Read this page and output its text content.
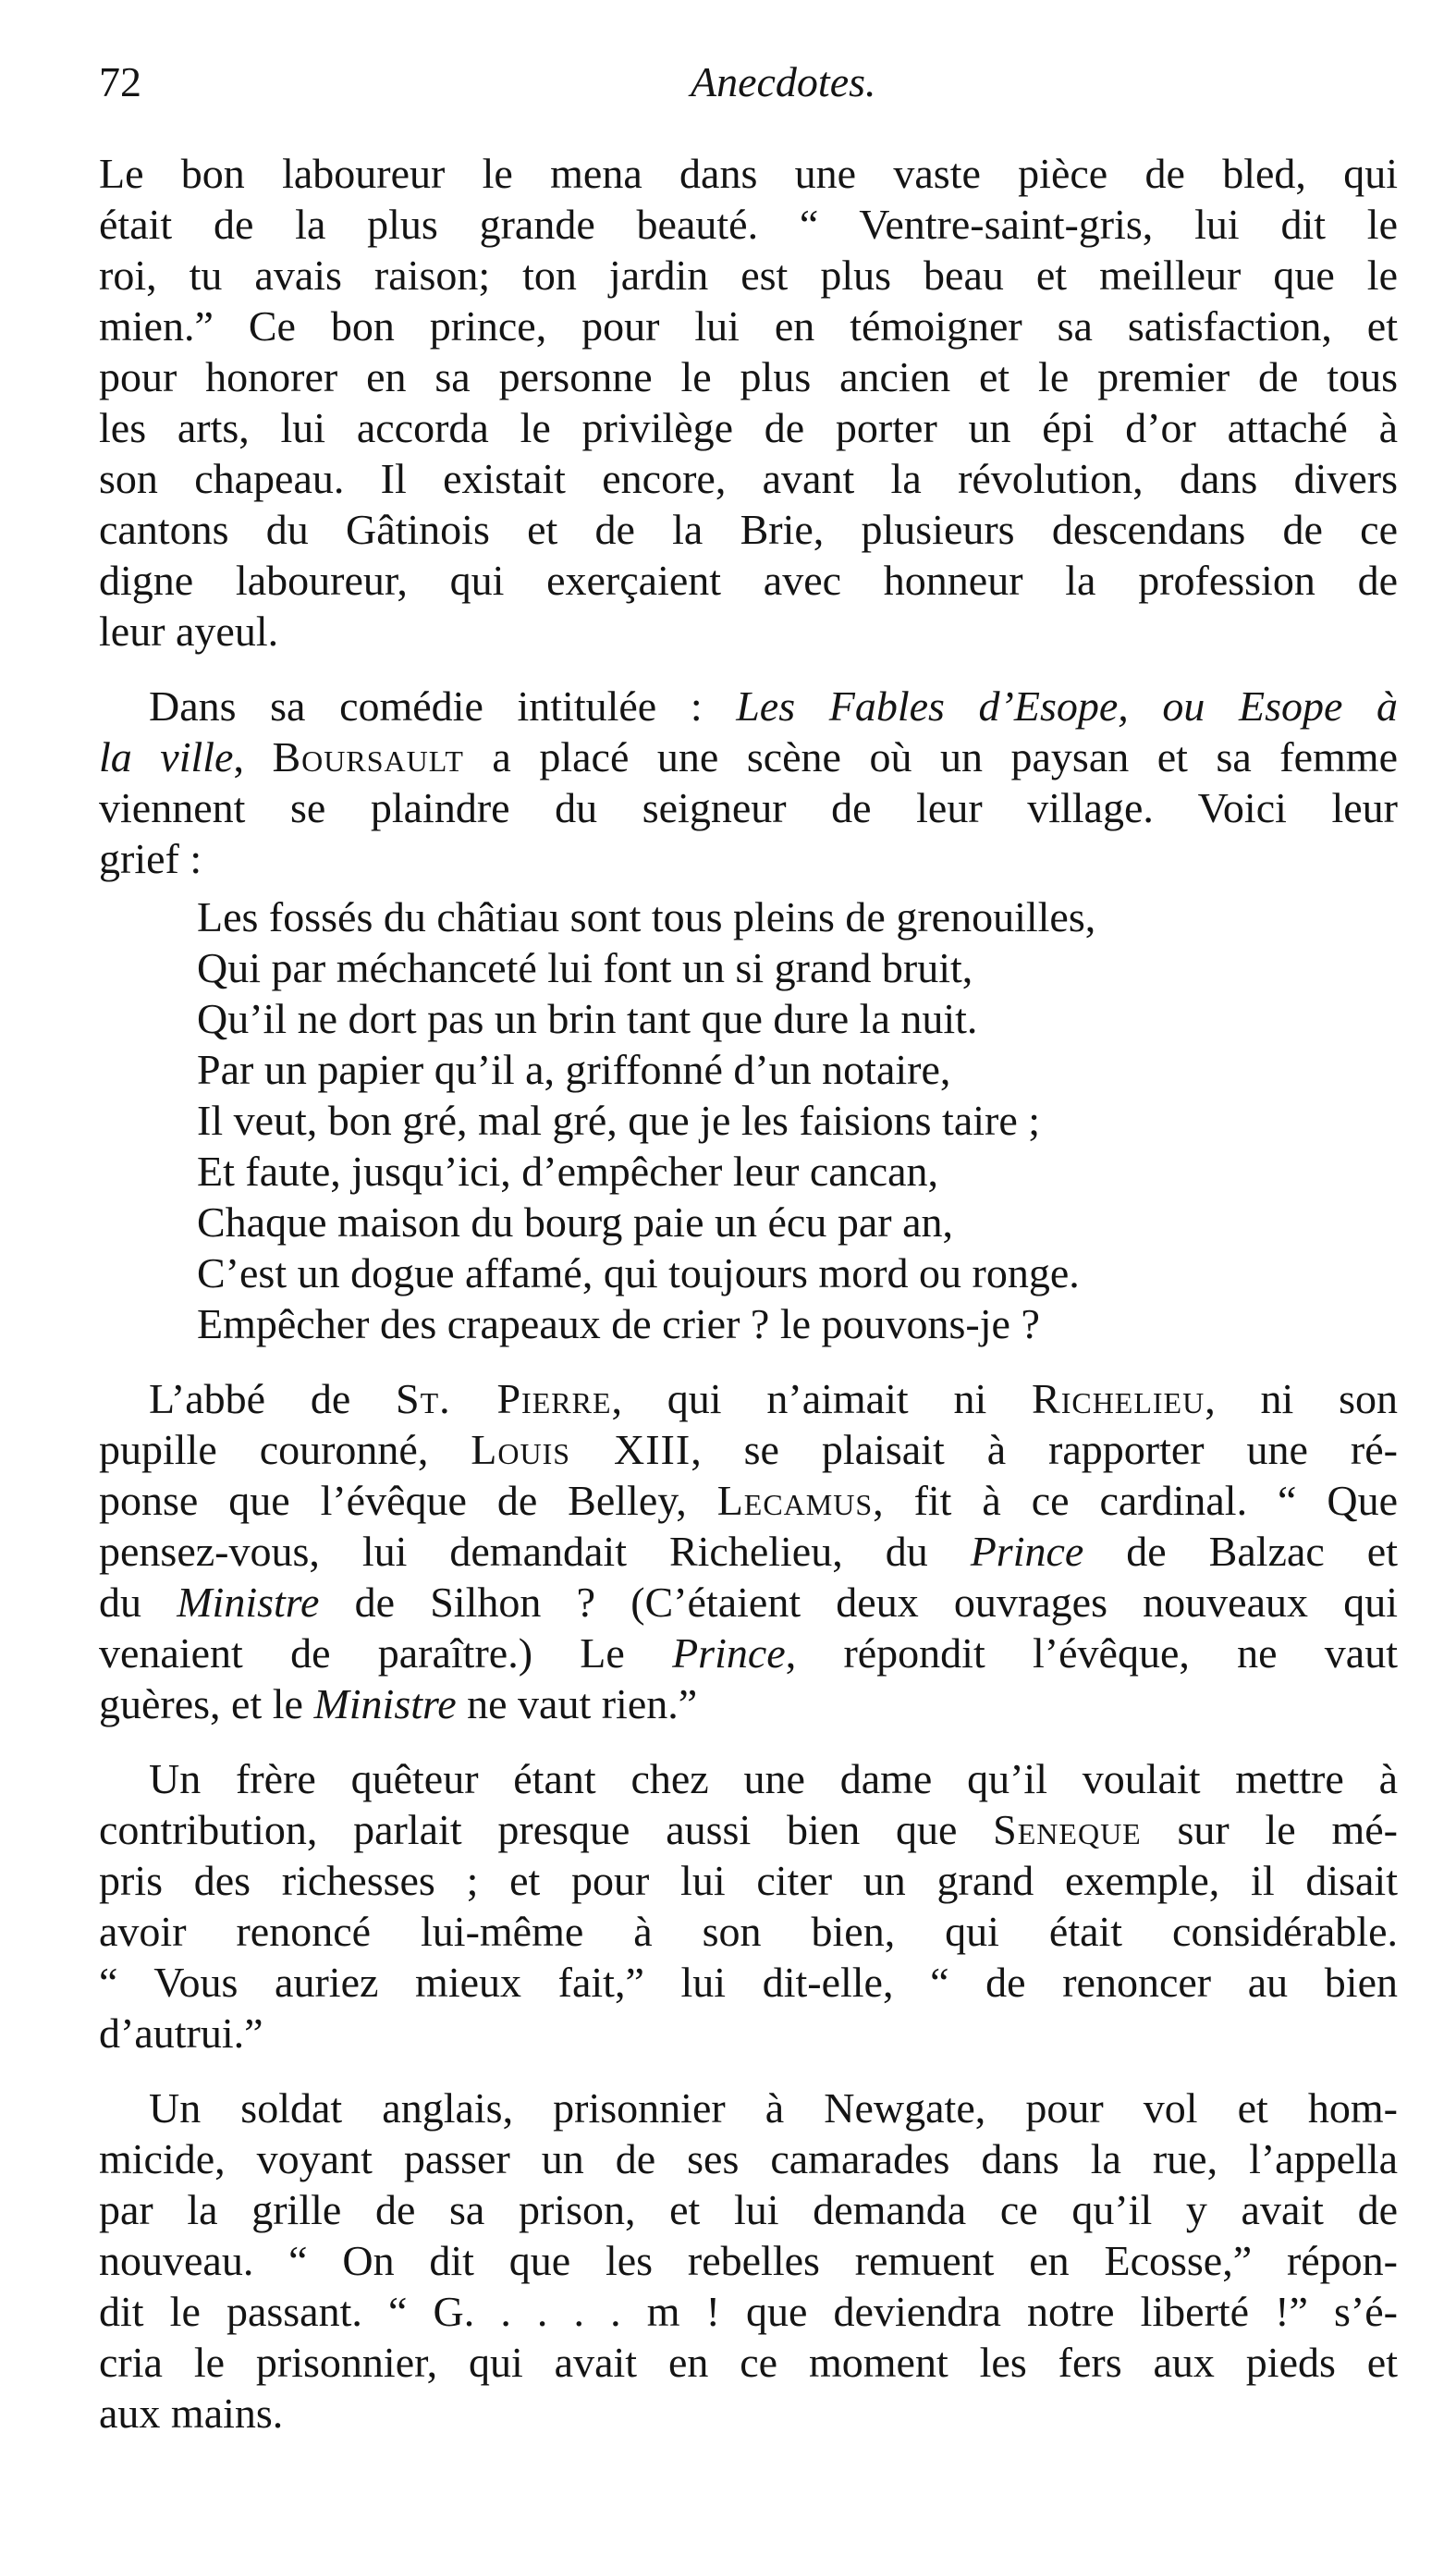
72	Anecdotes.

Le bon laboureur le mena dans une vaste pièce de bled, qui
était de la plus grande beauté. “ Ventre-saint-gris, lui dit le
roi, tu avais raison; ton jardin est plus beau et meilleur que le
mien.” Ce bon prince, pour lui en témoigner sa satisfaction, et
pour honorer en sa personne le plus ancien et le premier de tous
les arts, lui accorda le privilège de porter un épi d’or attaché à
son chapeau. Il existait encore, avant la révolution, dans divers
cantons du Gâtinois et de la Brie, plusieurs descendans de ce
digne laboureur, qui exerçaient avec honneur la profession de
leur ayeul.

Dans sa comédie intitulée : Les Fables d’Esope, ou Esope à
la ville, Boursault a placé une scène où un paysan et sa femme
viennent se plaindre du seigneur de leur village. Voici leur
grief :

Les fossés du châtiau sont tous pleins de grenouilles,
Qui par méchanceté lui font un si grand bruit,
Qu’il ne dort pas un brin tant que dure la nuit.
Par un papier qu’il a, griffonné d’un notaire,
Il veut, bon gré, mal gré, que je les faisions taire ;
Et faute, jusqu’ici, d’empêcher leur cancan,
Chaque maison du bourg paie un écu par an,
C’est un dogue affamé, qui toujours mord ou ronge.
Empêcher des crapeaux de crier ? le pouvons-je ?

L’abbé de St. Pierre, qui n’aimait ni Richelieu, ni son
pupille couronné, Louis XIII, se plaisait à rapporter une ré-
ponse que l’évêque de Belley, Lecamus, fit à ce cardinal. “ Que
pensez-vous, lui demandait Richelieu, du Prince de Balzac et
du Ministre de Silhon ? (C’étaient deux ouvrages nouveaux qui
venaient de paraître.) Le Prince, répondit l’évêque, ne vaut
guères, et le Ministre ne vaut rien.”

Un frère quêteur étant chez une dame qu’il voulait mettre à
contribution, parlait presque aussi bien que Seneque sur le mé-
pris des richesses ; et pour lui citer un grand exemple, il disait
avoir renoncé lui-même à son bien, qui était considérable.
“ Vous auriez mieux fait,” lui dit-elle, “ de renoncer au bien
d’autrui.”

Un soldat anglais, prisonnier à Newgate, pour vol et hom-
micide, voyant passer un de ses camarades dans la rue, l’appella
par la grille de sa prison, et lui demanda ce qu’il y avait de
nouveau. “ On dit que les rebelles remuent en Ecosse,” répon-
dit le passant. “ G. . . . . m ! que deviendra notre liberté !” s’é-
cria le prisonnier, qui avait en ce moment les fers aux pieds et
aux mains.
